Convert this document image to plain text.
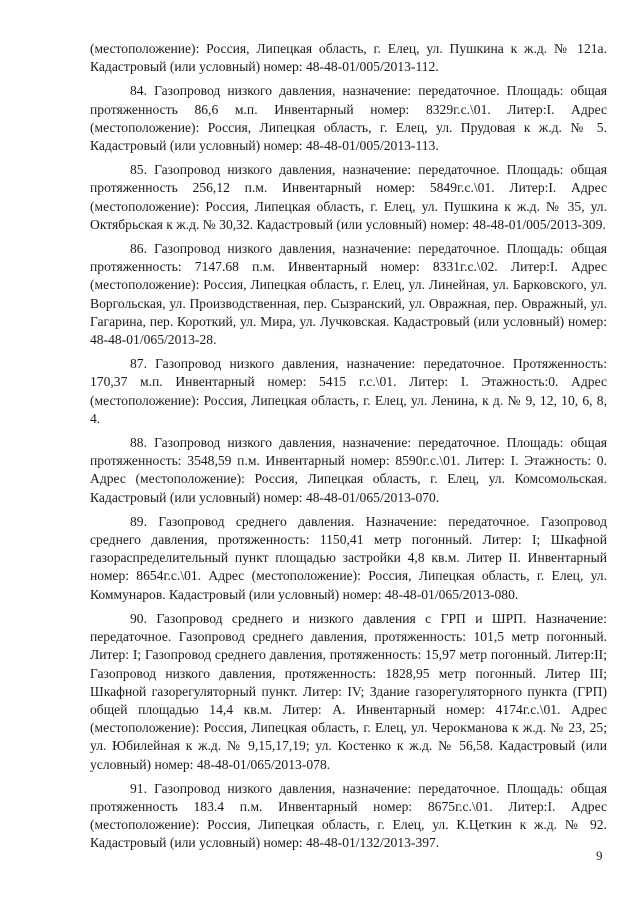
(местоположение): Россия, Липецкая область, г. Елец, ул. Пушкина к ж.д. № 121а. Кадастровый (или условный) номер: 48-48-01/005/2013-112.

84. Газопровод низкого давления, назначение: передаточное. Площадь: общая протяженность 86,6 м.п. Инвентарный номер: 8329г.с.\01. Литер:I. Адрес (местоположение): Россия, Липецкая область, г. Елец, ул. Прудовая к ж.д. № 5. Кадастровый (или условный) номер: 48-48-01/005/2013-113.

85. Газопровод низкого давления, назначение: передаточное. Площадь: общая протяженность 256,12 п.м. Инвентарный номер: 5849г.с.\01. Литер:I. Адрес (местоположение): Россия, Липецкая область, г. Елец, ул. Пушкина к ж.д. № 35, ул. Октябрьская к ж.д. № 30,32. Кадастровый (или условный) номер: 48-48-01/005/2013-309.

86. Газопровод низкого давления, назначение: передаточное. Площадь: общая протяженность: 7147.68 п.м. Инвентарный номер: 8331г.с.\02. Литер:I. Адрес (местоположение): Россия, Липецкая область, г. Елец, ул. Линейная, ул. Барковского, ул. Воргольская, ул. Производственная, пер. Сызранский, ул. Овражная, пер. Овражный, ул. Гагарина, пер. Короткий, ул. Мира, ул. Лучковская. Кадастровый (или условный) номер: 48-48-01/065/2013-28.

87. Газопровод низкого давления, назначение: передаточное. Протяженность: 170,37 м.п. Инвентарный номер: 5415 г.с.\01. Литер: I. Этажность:0. Адрес (местоположение): Россия, Липецкая область, г. Елец, ул. Ленина, к д. № 9, 12, 10, 6, 8, 4.

88. Газопровод низкого давления, назначение: передаточное. Площадь: общая протяженность: 3548,59 п.м. Инвентарный номер: 8590г.с.\01. Литер: I. Этажность: 0. Адрес (местоположение): Россия, Липецкая область, г. Елец, ул. Комсомольская. Кадастровый (или условный) номер: 48-48-01/065/2013-070.

89. Газопровод среднего давления. Назначение: передаточное. Газопровод среднего давления, протяженность: 1150,41 метр погонный. Литер: I; Шкафной газораспределительный пункт площадью застройки 4,8 кв.м. Литер II. Инвентарный номер: 8654г.с.\01. Адрес (местоположение): Россия, Липецкая область, г. Елец, ул. Коммунаров. Кадастровый (или условный) номер: 48-48-01/065/2013-080.

90. Газопровод среднего и низкого давления с ГРП и ШРП. Назначение: передаточное. Газопровод среднего давления, протяженность: 101,5 метр погонный. Литер: I; Газопровод среднего давления, протяженность: 15,97 метр погонный. Литер:II; Газопровод низкого давления, протяженность: 1828,95 метр погонный. Литер III; Шкафной газорегуляторный пункт. Литер: IV; Здание газорегуляторного пункта (ГРП) общей площадью 14,4 кв.м. Литер: А. Инвентарный номер: 4174г.с.\01. Адрес (местоположение): Россия, Липецкая область, г. Елец, ул. Черокманова к ж.д. № 23, 25; ул. Юбилейная к ж.д. № 9,15,17,19; ул. Костенко к ж.д. № 56,58. Кадастровый (или условный) номер: 48-48-01/065/2013-078.

91. Газопровод низкого давления, назначение: передаточное. Площадь: общая протяженность 183.4 п.м. Инвентарный номер: 8675г.с.\01. Литер:I. Адрес (местоположение): Россия, Липецкая область, г. Елец, ул. К.Цеткин к ж.д. № 92. Кадастровый (или условный) номер: 48-48-01/132/2013-397.

9
